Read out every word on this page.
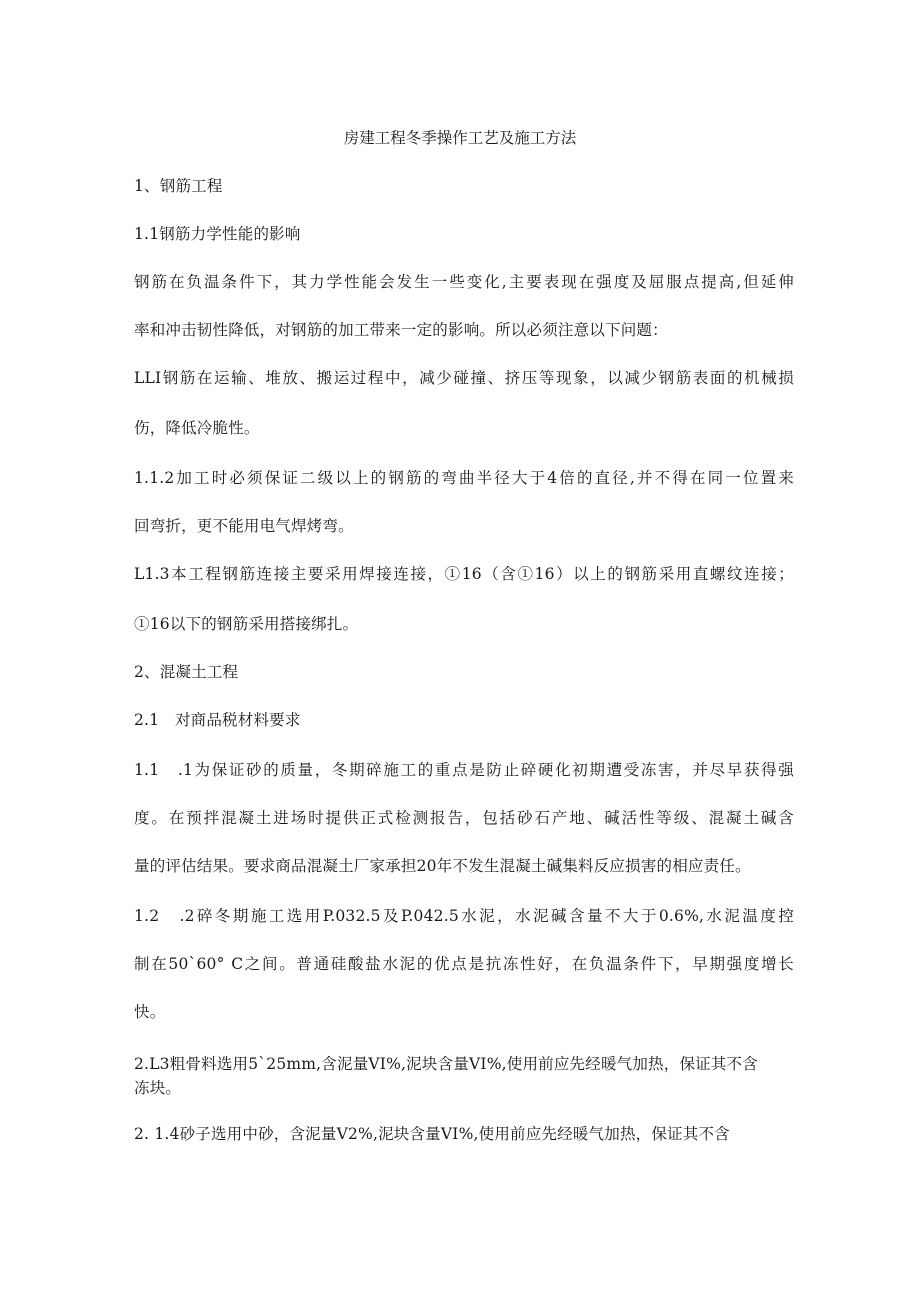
房建工程冬季操作工艺及施工方法
1、钢筋工程
1.1钢筋力学性能的影响
钢筋在负温条件下，其力学性能会发生一些变化,主要表现在强度及屈服点提高,但延伸
率和冲击韧性降低，对钢筋的加工带来一定的影响。所以必须注意以下问题：
LLI钢筋在运输、堆放、搬运过程中，减少碰撞、挤压等现象，以减少钢筋表面的机械损
伤，降低冷脆性。
1.1.2加工时必须保证二级以上的钢筋的弯曲半径大于4倍的直径,并不得在同一位置来
回弯折，更不能用电气焊烤弯。
L1.3本工程钢筋连接主要采用焊接连接，①16（含①16）以上的钢筋采用直螺纹连接；
①16以下的钢筋采用搭接绑扎。
2、混凝土工程
2.1　对商品税材料要求
1.1　.1为保证砂的质量，冬期碎施工的重点是防止碎硬化初期遭受冻害，并尽早获得强
度。在预拌混凝土进场时提供正式检测报告，包括砂石产地、碱活性等级、混凝土碱含
量的评估结果。要求商品混凝土厂家承担20年不发生混凝土碱集料反应损害的相应责任。
1.2　.2碎冬期施工选用P.032.5及P.042.5水泥，水泥碱含量不大于0.6%,水泥温度控
制在50`60° C之间。普通硅酸盐水泥的优点是抗冻性好，在负温条件下，早期强度增长
快。
2.L3粗骨料选用5`25mm,含泥量VI%,泥块含量VI%,使用前应先经暖气加热，保证其不含
冻块。
2. 1.4砂子选用中砂，含泥量V2%,泥块含量VI%,使用前应先经暖气加热，保证其不含
